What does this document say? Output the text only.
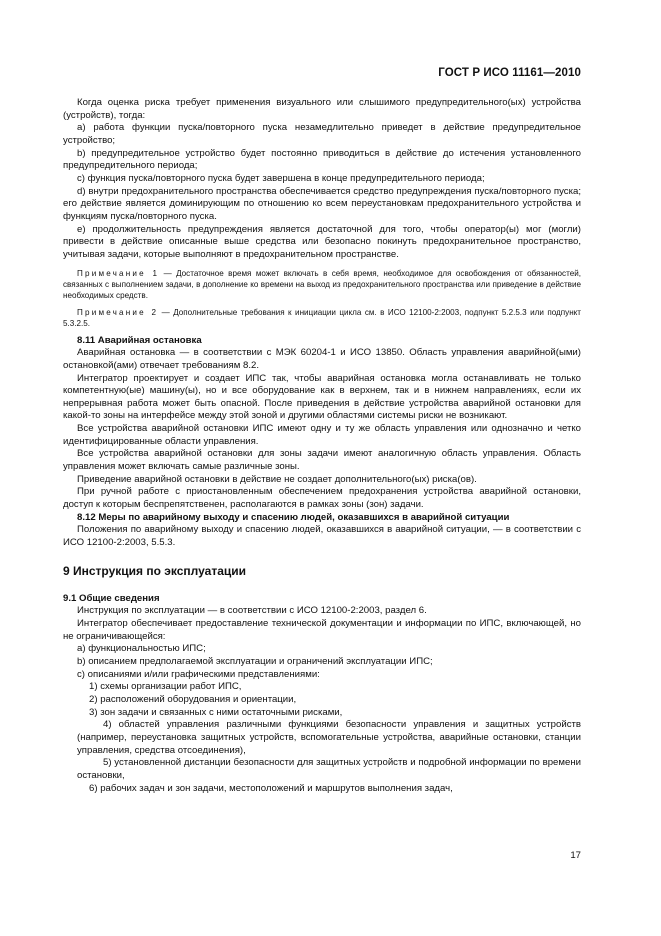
ГОСТ Р ИСО 11161—2010

Когда оценка риска требует применения визуального или слышимого предупредительного(ых) устройства (устройств), тогда:

a) работа функции пуска/повторного пуска незамедлительно приведет в действие предупредительное устройство;

b) предупредительное устройство будет постоянно приводиться в действие до истечения установленного предупредительного периода;

c) функция пуска/повторного пуска будет завершена в конце предупредительного периода;

d) внутри предохранительного пространства обеспечивается средство предупреждения пуска/повторного пуска; его действие является доминирующим по отношению ко всем переустановкам предохранительного устройства и функциям пуска/повторного пуска.

e) продолжительность предупреждения является достаточной для того, чтобы оператор(ы) мог (могли) привести в действие описанные выше средства или безопасно покинуть предохранительное пространство, учитывая задачи, которые выполняют в предохранительном пространстве.

Примечание 1 — Достаточное время может включать в себя время, необходимое для освобождения от обязанностей, связанных с выполнением задачи, в дополнение ко времени на выход из предохранительного пространства или приведение в действие необходимых средств.

Примечание 2 — Дополнительные требования к инициации цикла см. в ИСО 12100-2:2003, подпункт 5.2.5.3 или подпункт 5.3.2.5.

8.11 Аварийная остановка

Аварийная остановка — в соответствии с МЭК 60204-1 и ИСО 13850. Область управления аварийной(ыми) остановкой(ами) отвечает требованиям 8.2.

Интегратор проектирует и создает ИПС так, чтобы аварийная остановка могла останавливать не только компетентную(ые) машину(ы), но и все оборудование как в верхнем, так и в нижнем направлениях, если их непрерывная работа может быть опасной. После приведения в действие устройства аварийной остановки для какой-то зоны на интерфейсе между этой зоной и другими областями системы риски не возникают.

Все устройства аварийной остановки ИПС имеют одну и ту же область управления или однозначно и четко идентифицированные области управления.

Все устройства аварийной остановки для зоны задачи имеют аналогичную область управления. Область управления может включать самые различные зоны.

Приведение аварийной остановки в действие не создает дополнительного(ых) риска(ов).

При ручной работе с приостановленным обеспечением предохранения устройства аварийной остановки, доступ к которым беспрепятственен, располагаются в рамках зоны (зон) задачи.

8.12 Меры по аварийному выходу и спасению людей, оказавшихся в аварийной ситуации

Положения по аварийному выходу и спасению людей, оказавшихся в аварийной ситуации, — в соответствии с ИСО 12100-2:2003, 5.5.3.

9 Инструкция по эксплуатации

9.1 Общие сведения

Инструкция по эксплуатации — в соответствии с ИСО 12100-2:2003, раздел 6.

Интегратор обеспечивает предоставление технической документации и информации по ИПС, включающей, но не ограничивающейся:

a) функциональностью ИПС;

b) описанием предполагаемой эксплуатации и ограничений эксплуатации ИПС;

c) описаниями и/или графическими представлениями:

1) схемы организации работ ИПС,

2) расположений оборудования и ориентации,

3) зон задачи и связанных с ними остаточными рисками,

4) областей управления различными функциями безопасности управления и защитных устройств (например, переустановка защитных устройств, вспомогательные устройства, аварийные остановки, станции управления, средства отсоединения),

5) установленной дистанции безопасности для защитных устройств и подробной информации по времени остановки,

6) рабочих задач и зон задачи, местоположений и маршрутов выполнения задач,

17
